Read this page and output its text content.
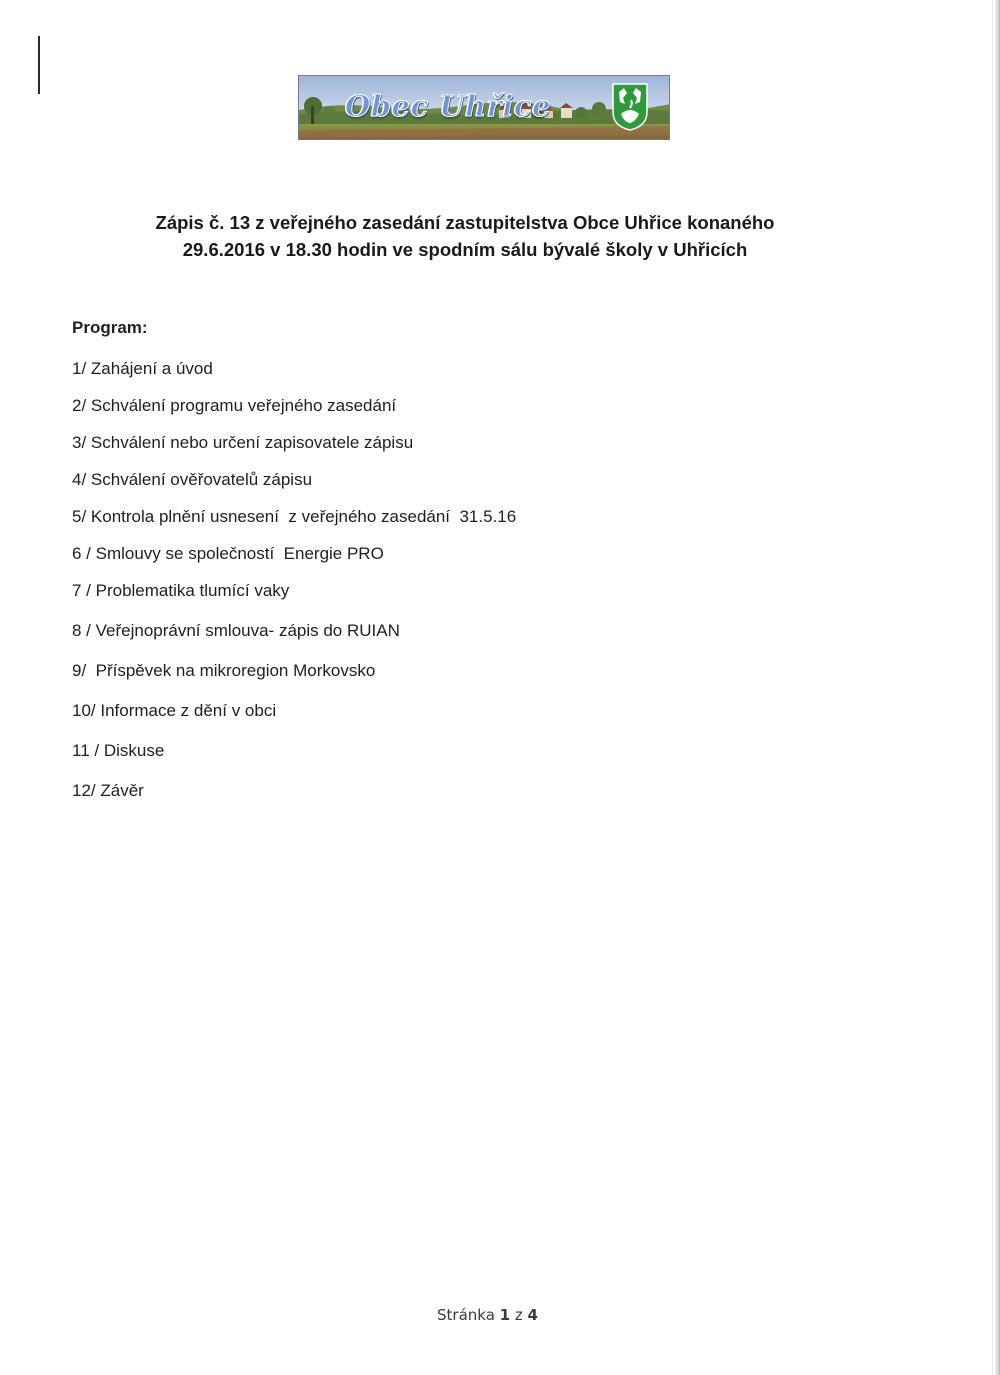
Obec Uhřice
Zápis č. 13 z veřejného zasedání zastupitelstva Obce Uhřice konaného
29.6.2016 v 18.30 hodin ve spodním sálu bývalé školy v Uhřicích
Program:
1/ Zahájení a úvod
2/ Schválení programu veřejného zasedání
3/ Schválení nebo určení zapisovatele zápisu
4/ Schválení ověřovatelů zápisu
5/ Kontrola plnění usnesení  z veřejného zasedání  31.5.16
6 / Smlouvy se společností  Energie PRO
7 / Problematika tlumící vaky
8 / Veřejnoprávní smlouva- zápis do RUIAN
9/  Příspěvek na mikroregion Morkovsko
10/ Informace z dění v obci
11 / Diskuse
12/ Závěr
Stránka 1 z 4
